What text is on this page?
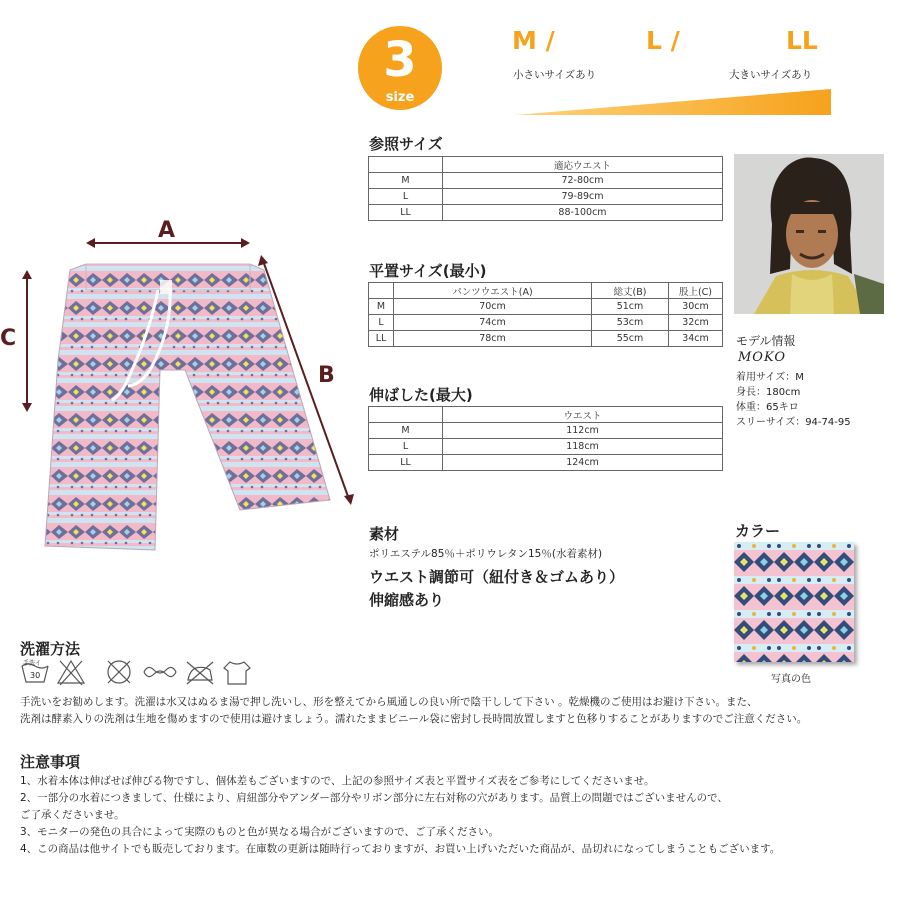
3
size
M /	L /	LL
小さいサイズあり	大きいサイズあり
参照サイズ
	適応ウエスト
M	72-80cm
L	79-89cm
LL	88-100cm
平置サイズ(最小)
	パンツウエスト(A)	総丈(B)	股上(C)
M	70cm	51cm	30cm
L	74cm	53cm	32cm
LL	78cm	55cm	34cm
伸ばした(最大)
	ウエスト
M	112cm
L	118cm
LL	124cm
モデル情報
MOKO
着用サイズ：M
身長：180cm
体重：65キロ
スリーサイズ：94-74-95
A
C
B
素材
ポリエステル85％＋ポリウレタン15％(水着素材)
ウエスト調節可（紐付き＆ゴムあり）
伸縮感あり
カラー
写真の色
洗濯方法
手洗イ
30
手洗いをお勧めします。洗濯は水又はぬるま湯で押し洗いし、形を整えてから風通しの良い所で陰干しして下さい 。乾燥機のご使用はお避け下さい。また、
洗剤は酵素入りの洗剤は生地を傷めますので使用は避けましょう。濡れたままビニール袋に密封し長時間放置しますと色移りすることがありますのでご注意ください。
注意事項
1、水着本体は伸ばせば伸びる物ですし、個体差もございますので、上記の参照サイズ表と平置サイズ表をご参考にしてくださいませ。
2、一部分の水着につきまして、仕様により、肩紐部分やアンダー部分やリボン部分に左右対称の穴があります。品質上の問題ではございませんので、
ご了承くださいませ。
3、モニターの発色の具合によって実際のものと色が異なる場合がございますので、ご了承ください。
4、この商品は他サイトでも販売しております。在庫数の更新は随時行っておりますが、お買い上げいただいた商品が、品切れになってしまうこともございます。
